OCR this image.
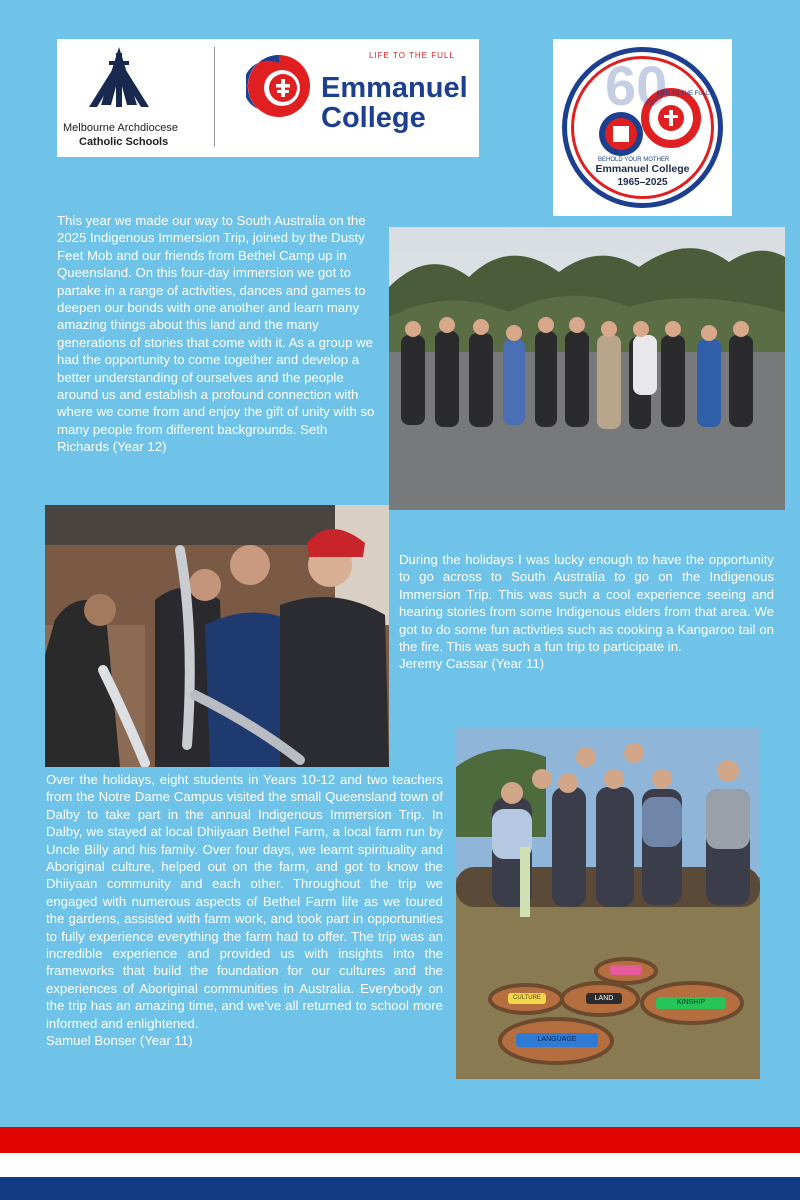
Melbourne Archdiocese
Catholic Schools
LIFE TO THE FULL
Emmanuel
College
60
LIFE TO THE FULL
BEHOLD YOUR MOTHER
Emmanuel College
1965–2025

This year we made our way to South Australia on the 2025 Indigenous Immersion Trip, joined by the Dusty Feet Mob and our friends from Bethel Camp up in Queensland. On this four-day immersion we got to partake in a range of activities, dances and games to deepen our bonds with one another and learn many amazing things about this land and the many generations of stories that come with it. As a group we had the opportunity to come together and develop a better understanding of ourselves and the people around us and establish a profound connection with where we come from and enjoy the gift of unity with so many people from different backgrounds. Seth Richards (Year 12)

During the holidays I was lucky enough to have the opportunity to go across to South Australia to go on the Indigenous Immersion Trip. This was such a cool experience seeing and hearing stories from some Indigenous elders from that area. We got to do some fun activities such as cooking a Kangaroo tail on the fire. This was such a fun trip to participate in.

Jeremy Cassar (Year 11)

LAND
KINSHIP
LANGUAGE
CULTURE

Over the holidays, eight students in Years 10-12 and two teachers from the Notre Dame Campus visited the small Queensland town of Dalby to take part in the annual Indigenous Immersion Trip. In Dalby, we stayed at local Dhiiyaan Bethel Farm, a local farm run by Uncle Billy and his family. Over four days, we learnt spirituality and Aboriginal culture, helped out on the farm, and got to know the Dhiiyaan community and each other. Throughout the trip we engaged with numerous aspects of Bethel Farm life as we toured the gardens, assisted with farm work, and took part in opportunities to fully experience everything the farm had to offer. The trip was an incredible experience and provided us with insights into the frameworks that build the foundation for our cultures and the experiences of Aboriginal communities in Australia. Everybody on the trip has an amazing time, and we’ve all returned to school more informed and enlightened.

Samuel Bonser (Year 11)
